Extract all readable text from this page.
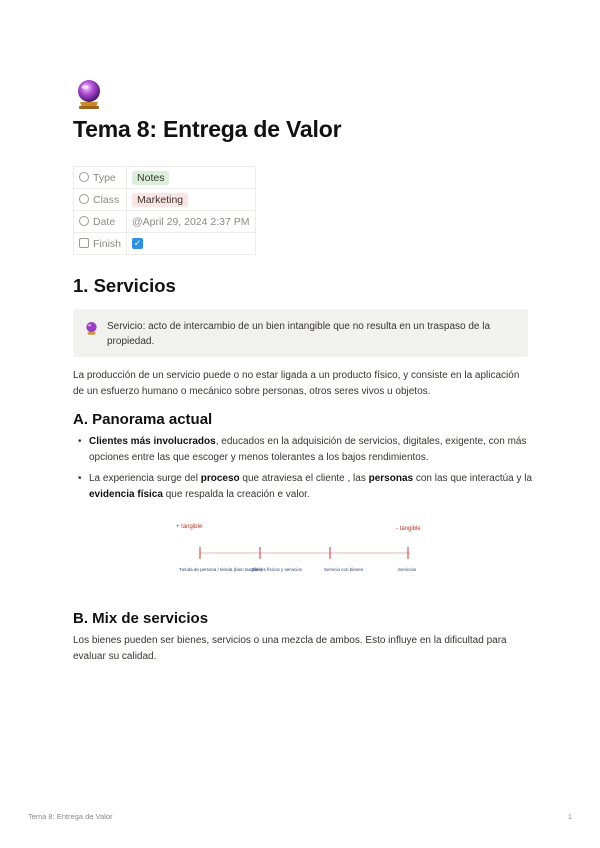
Tema 8: Entrega de Valor
Type	Notes
Class	Marketing
Date	@April 29, 2024 2:37 PM
Finish	✓
1. Servicios
Servicio: acto de intercambio de un bien intangible que no resulta en un traspaso de la propiedad.

La producción de un servicio puede o no estar ligada a un producto físico, y consiste en la aplicación de un esfuerzo humano o mecánico sobre personas, otros seres vivos u objetos.

A. Panorama actual
• Clientes más involucrados, educados en la adquisición de servicios, digitales, exigente, con más opciones entre las que escoger y menos tolerantes a los bajos rendimientos.
• La experiencia surge del proceso que atraviesa el cliente , las personas con las que interactúa y la evidencia física que respalda la creación e valor.
+ tangible	- tangible
Tienda de persona / tienda (bien tangible)
Bienes físicos y servicios	Servicio con bienes	Servicios
B. Mix de servicios

Los bienes pueden ser bienes, servicios o una mezcla de ambos. Esto influye en la dificultad para evaluar su calidad.

Tema 8: Entrega de Valor	1
